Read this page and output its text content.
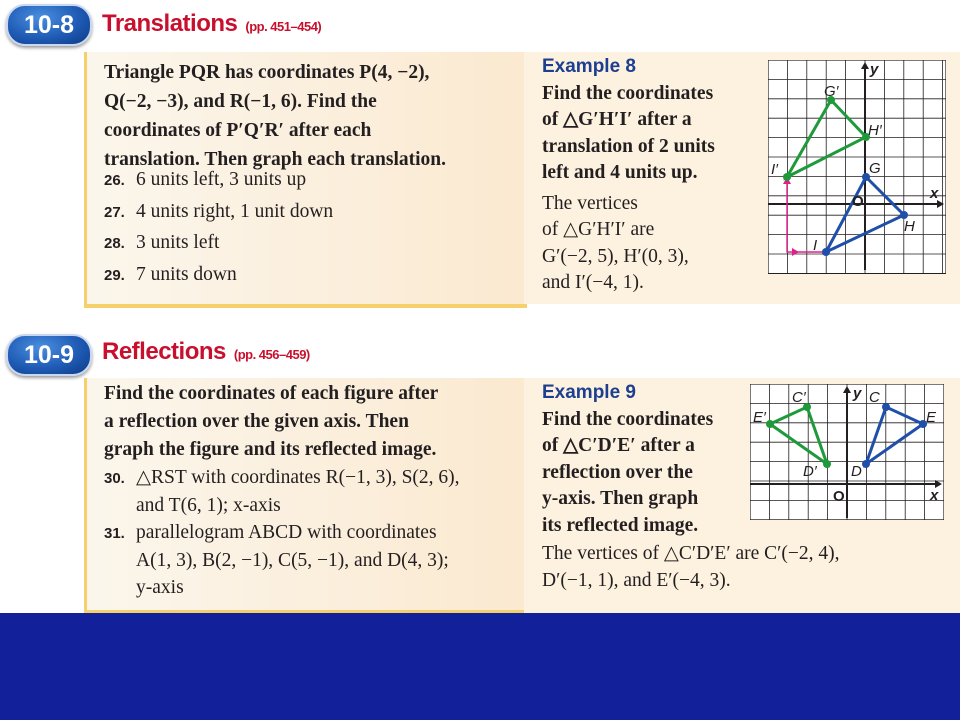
10-8	Translations (pp. 451–454)

Triangle PQR has coordinates P(4, −2),

Q(−2, −3), and R(−1, 6). Find the

coordinates of P′Q′R′ after each

translation. Then graph each translation.

26. 6 units left, 3 units up

27. 4 units right, 1 unit down

28. 3 units left

29. 7 units down

Example 8

Find the coordinates

of △G′H′I′ after a

translation of 2 units

left and 4 units up.

The vertices

of △G′H′I′ are

G′(−2, 5), H′(0, 3),

and I′(−4, 1).

G′
H′
I′	G
H
I
x
y
O
10-9	Reflections (pp. 456–459)

Find the coordinates of each figure after

a reflection over the given axis. Then

graph the figure and its reflected image.

30. △RST with coordinates R(−1, 3), S(2, 6),

and T(6, 1); x-axis

31. parallelogram ABCD with coordinates

A(1, 3), B(2, −1), C(5, −1), and D(4, 3);

y-axis

Example 9

Find the coordinates

of △C′D′E′ after a

reflection over the

y-axis. Then graph

its reflected image.

The vertices of △C′D′E′ are C′(−2, 4),

D′(−1, 1), and E′(−4, 3).

C′
D′
E′
C
D
E
x
y
O
